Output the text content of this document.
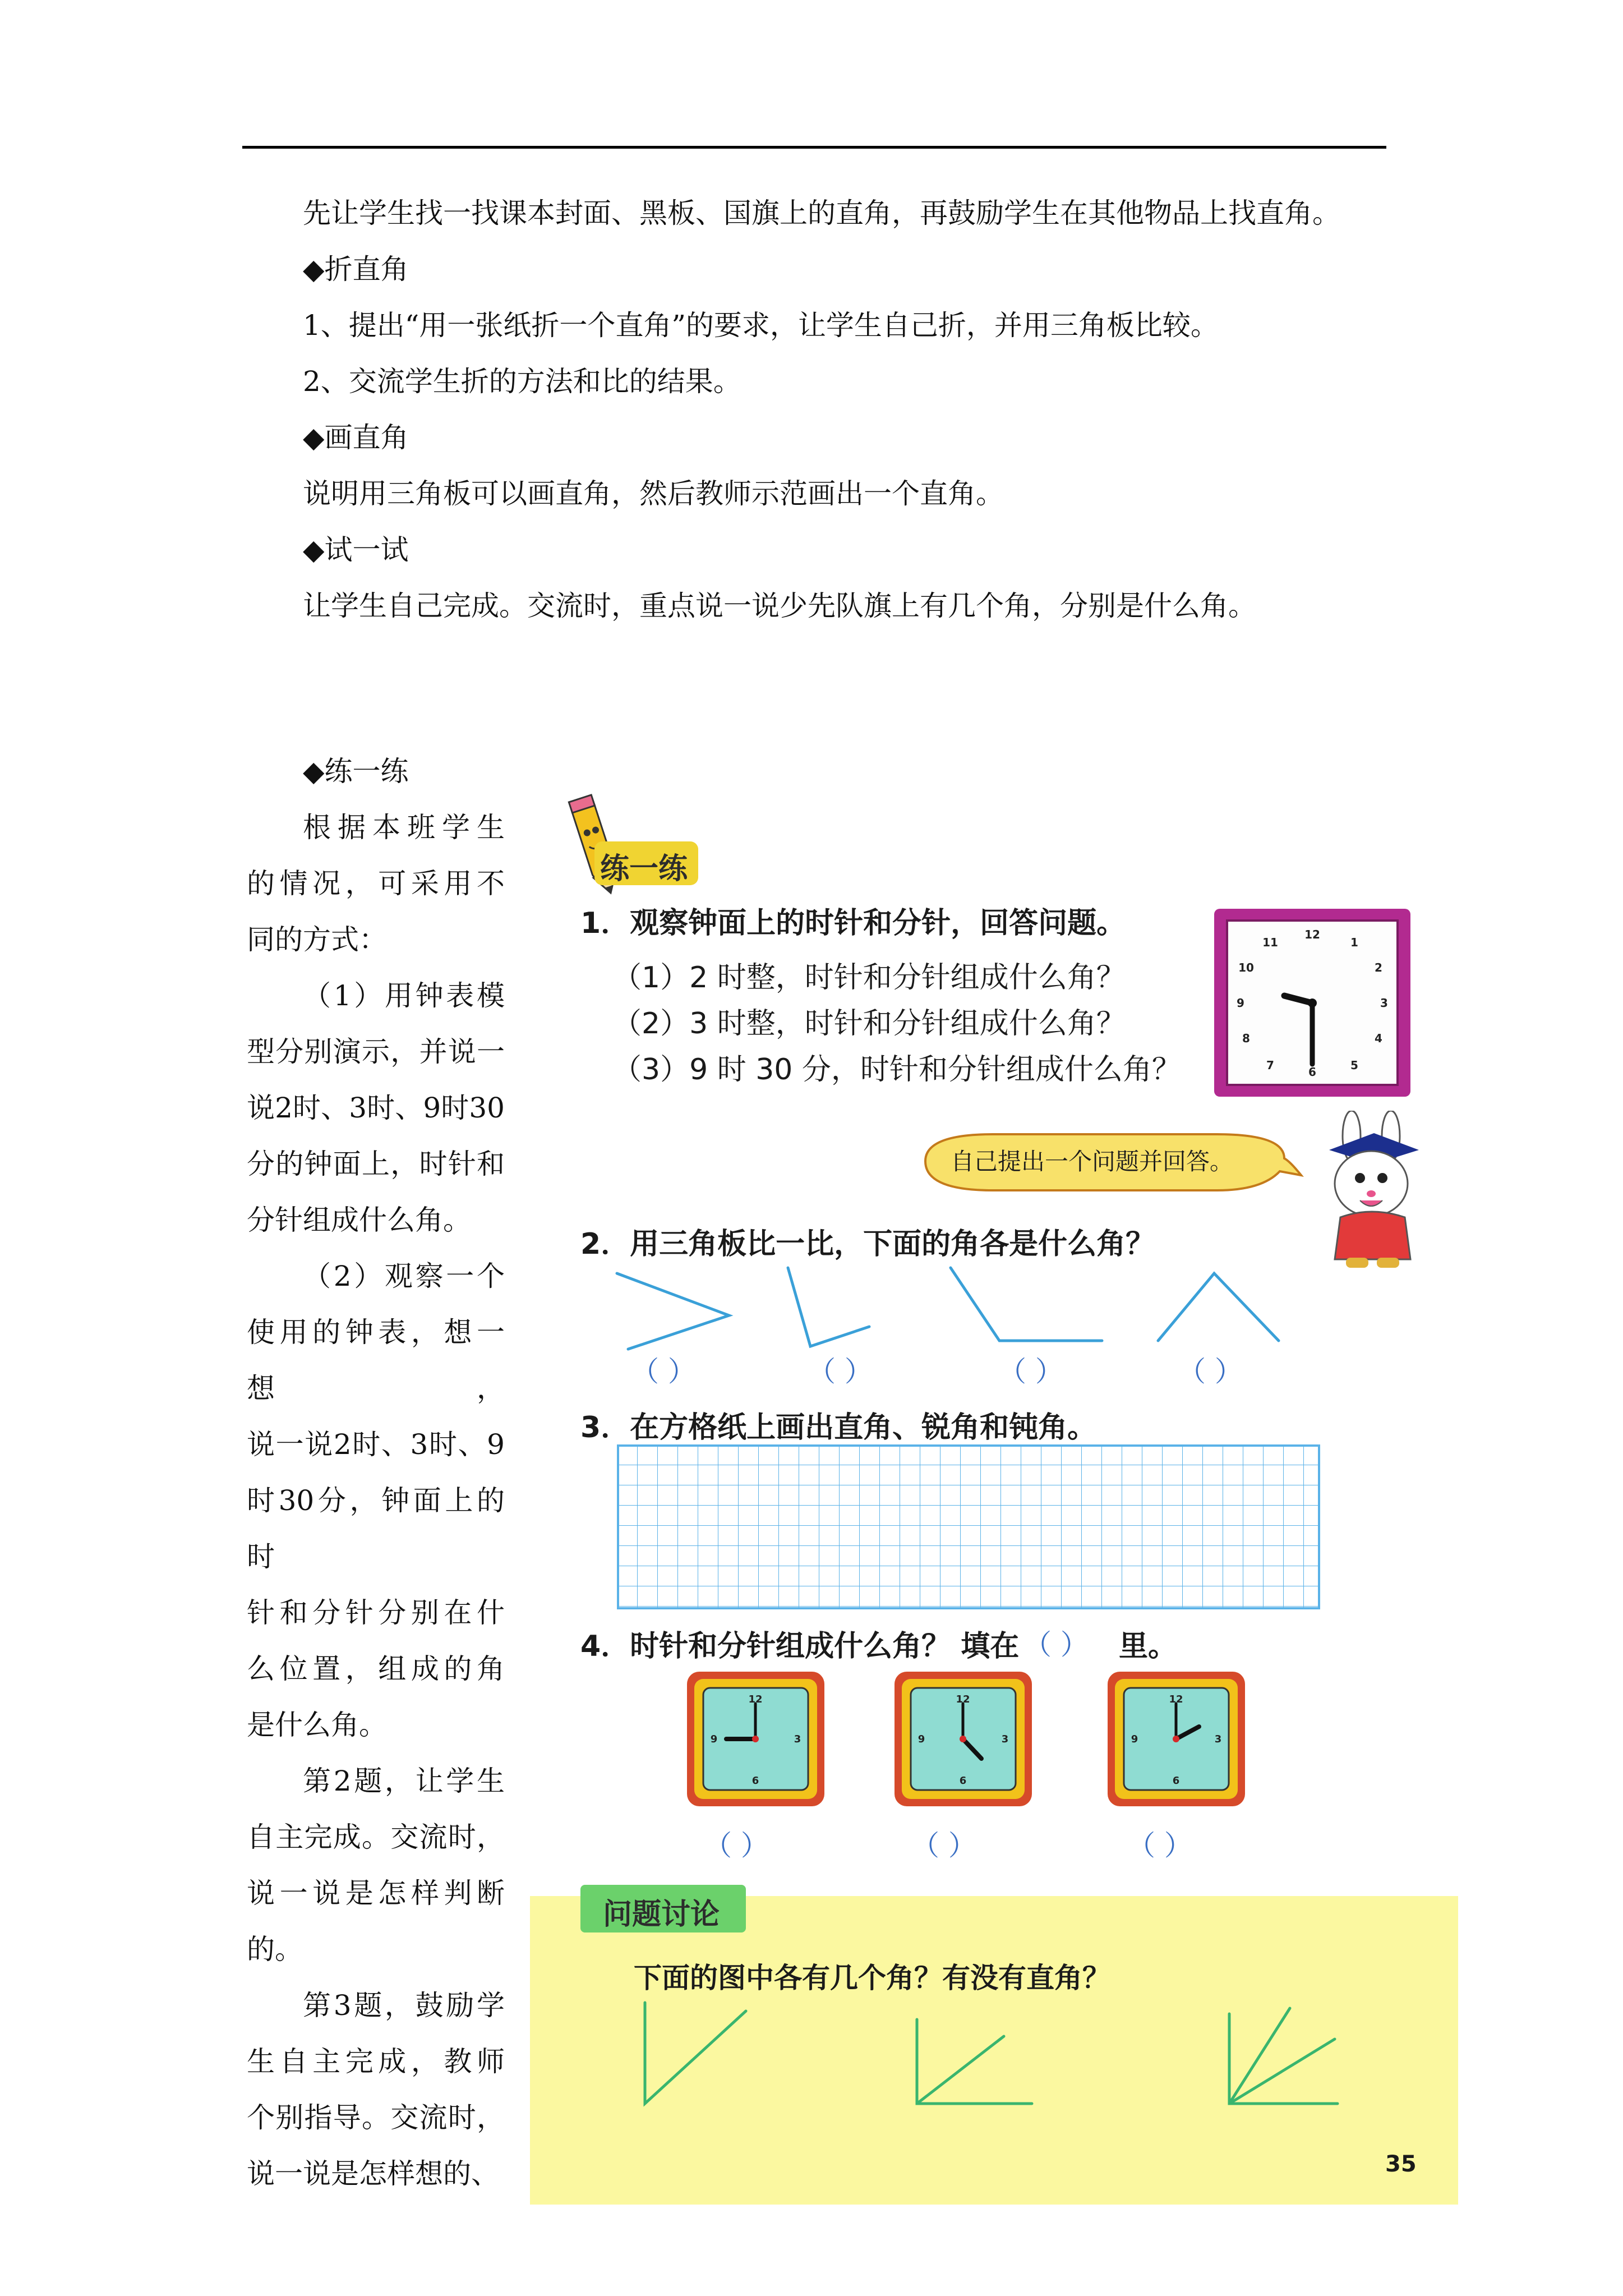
先让学生找一找课本封面、黑板、国旗上的直角，再鼓励学生在其他物品上找直角。
◆折直角
1、提出“用一张纸折一个直角”的要求，让学生自己折，并用三角板比较。
2、交流学生折的方法和比的结果。
◆画直角
说明用三角板可以画直角，然后教师示范画出一个直角。
◆试一试
让学生自己完成。交流时，重点说一说少先队旗上有几个角，分别是什么角。

◆练一练

根据本班学生

的情况，可采用不

同的方式：

（1）用钟表模

型分别演示，并说一

说2时、3时、9时30

分的钟面上，时针和

分针组成什么角。

（2）观察一个

使用的钟表，想一想，

说一说2时、3时、9

时30分，钟面上的时

针和分针分别在什

么位置，组成的角

是什么角。

第2题，让学生

自主完成。交流时，

说一说是怎样判断

的。

第3题，鼓励学

生自主完成，教师

个别指导。交流时，

说一说是怎样想的、

练一练
1．观察钟面上的时针和分针，回答问题。
（1）2 时整，时针和分针组成什么角？
（2）3 时整，时针和分针组成什么角？
（3）9 时 30 分，时针和分针组成什么角？
12
1
2
3
4
5
6
7
8
9
10
11
自己提出一个问题并回答。
2．用三角板比一比，下面的角各是什么角？
（ ）	（ ）	（ ）	（ ）
3．在方格纸上画出直角、锐角和钝角。
4．时针和分针组成什么角？ 填在 （ ） 里。
12
3
6
9
12
3
6
9
12
3
6
9
（ ）	（ ）	（ ）
问题讨论
下面的图中各有几个角？有没有直角？
35
